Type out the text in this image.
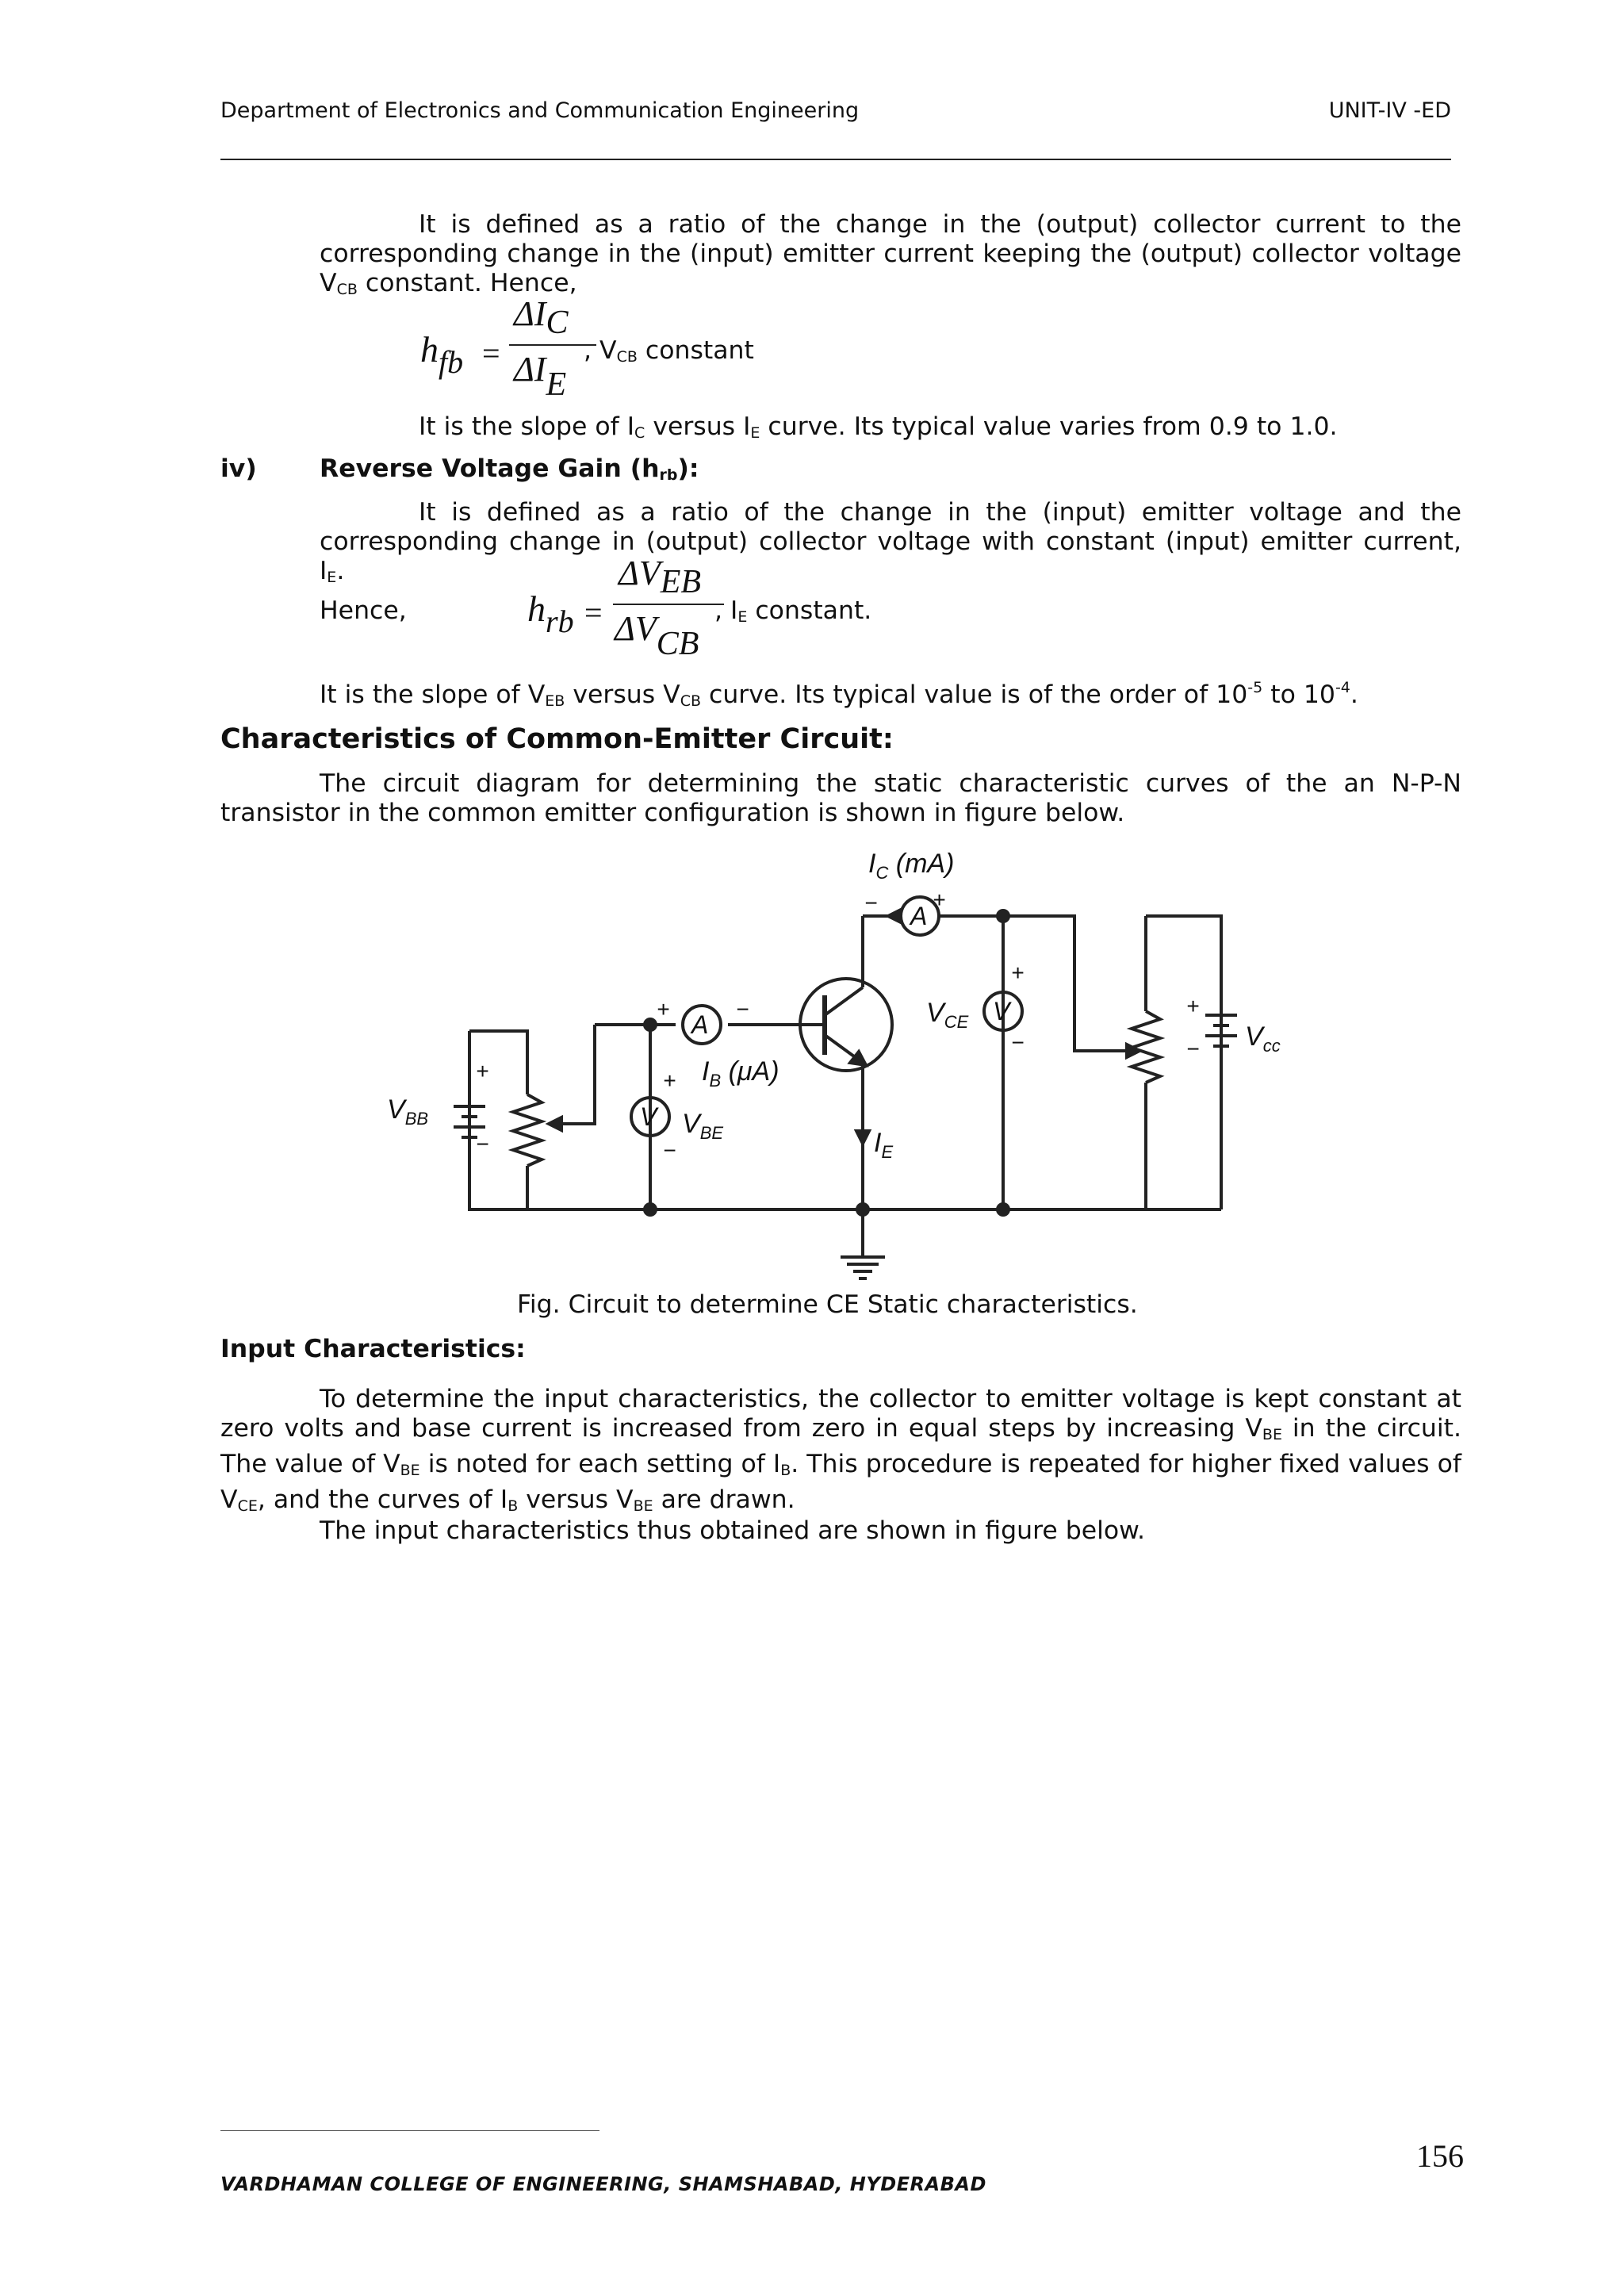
Department of Electronics and Communication Engineering	UNIT-IV -ED
It is defined as a ratio of the change in the (output) collector current to the corresponding change in the (input) emitter current keeping the (output) collector voltage $V_{CB}$ constant. Hence,
$h_{fb}$ =
$\Delta I_C$
$\Delta I_E$
, $V_{CB}$ constant
It is the slope of $I_C$ versus $I_E$ curve. Its typical value varies from 0.9 to 1.0.
iv)	Reverse Voltage Gain $(h_{rb})$:
It is defined as a ratio of the change in the (input) emitter voltage and the corresponding change in (output) collector voltage with constant (input) emitter current, $I_E$.
Hence,	$h_{rb}$ =
$\Delta V_{EB}$
$\Delta V_{CB}$
, $I_E$ constant.
It is the slope of $V_{EB}$ versus $V_{CB}$ curve. Its typical value is of the order of $10^{-5}$ to $10^{-4}$.
Characteristics of Common-Emitter Circuit:
The circuit diagram for determining the static characteristic curves of the an N-P-N transistor in the common emitter configuration is shown in figure below.
$I_C$ (mA)
A
A
V
V
$V_{CE}$	$V_{cc}$
$V_{BB}$
$I_B$ (μA)
$V_{BE}$	$I_E$
+
−
+	−
+
−
− +
+
−
+
−
Fig. Circuit to determine CE Static characteristics.
Input Characteristics:
To determine the input characteristics, the collector to emitter voltage is kept constant at zero volts and base current is increased from zero in equal steps by increasing $V_{BE}$ in the circuit. The value of $V_{BE}$ is noted for each setting of $I_B$. This procedure is repeated for higher fixed values of $V_{CE}$, and the curves of $I_B$ versus $V_{BE}$ are drawn.
The input characteristics thus obtained are shown in figure below.
156
VARDHAMAN COLLEGE OF ENGINEERING, SHAMSHABAD, HYDERABAD
